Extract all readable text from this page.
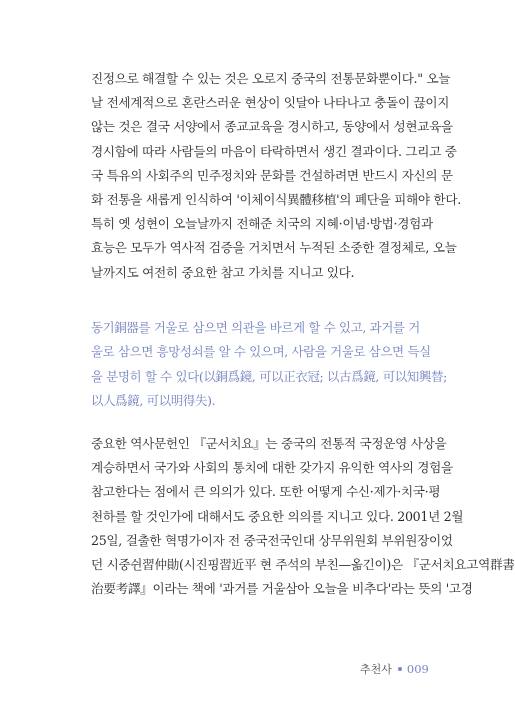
진정으로 해결할 수 있는 것은 오로지 중국의 전통문화뿐이다." 오늘
날 전세계적으로 혼란스러운 현상이 잇달아 나타나고 충돌이 끊이지
않는 것은 결국 서양에서 종교교육을 경시하고, 동양에서 성현교육을
경시함에 따라 사람들의 마음이 타락하면서 생긴 결과이다. 그리고 중
국 특유의 사회주의 민주정치와 문화를 건설하려면 반드시 자신의 문
화 전통을 새롭게 인식하여 '이체이식異體移植'의 폐단을 피해야 한다.
특히 옛 성현이 오늘날까지 전해준 치국의 지혜·이념·방법·경험과
효능은 모두가 역사적 검증을 거치면서 누적된 소중한 결정체로, 오늘
날까지도 여전히 중요한 참고 가치를 지니고 있다.
동기銅器를 거울로 삼으면 의관을 바르게 할 수 있고, 과거를 거
울로 삼으면 흥망성쇠를 알 수 있으며, 사람을 거울로 삼으면 득실
을 분명히 할 수 있다(以銅爲鏡, 可以正衣冠; 以古爲鏡, 可以知興替;
以人爲鏡, 可以明得失).
중요한 역사문헌인 『군서치요』는 중국의 전통적 국정운영 사상을
계승하면서 국가와 사회의 통치에 대한 갖가지 유익한 역사의 경험을
참고한다는 점에서 큰 의의가 있다. 또한 어떻게 수신·제가·치국·평
천하를 할 것인가에 대해서도 중요한 의의를 지니고 있다. 2001년 2월
25일, 걸출한 혁명가이자 전 중국전국인대 상무위원회 부위원장이었
던 시중쉰習仲勛(시진핑習近平 현 주석의 부친—옮긴이)은 『군서치요고역群書
治要考譯』이라는 책에 '과거를 거울삼아 오늘을 비추다'라는 뜻의 '고경
추천사 009
